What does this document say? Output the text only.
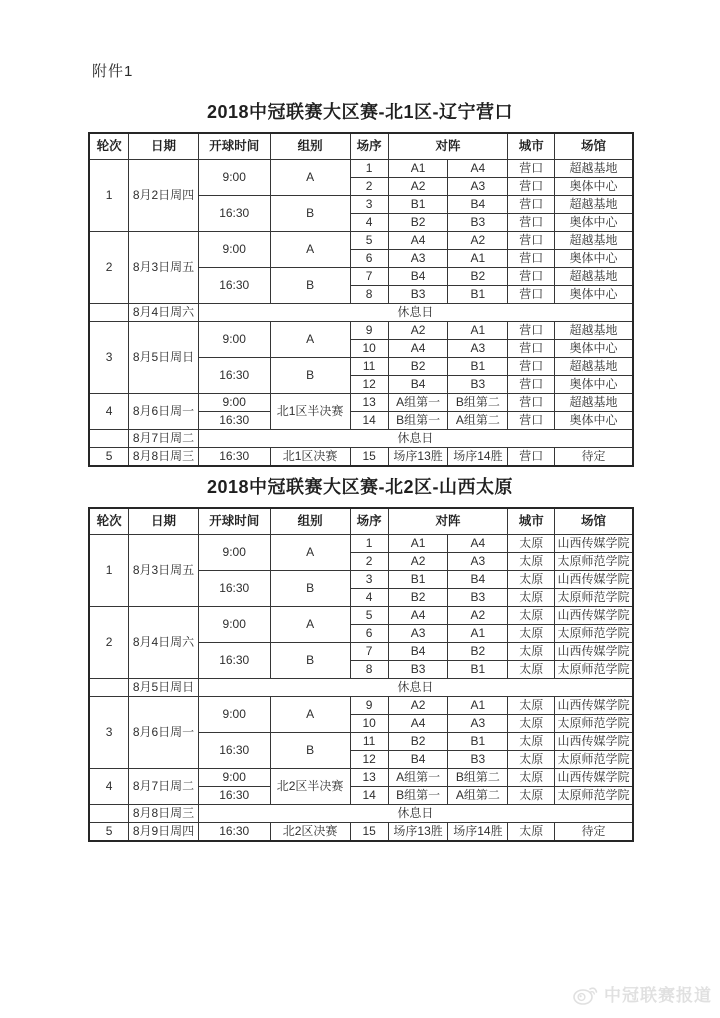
附件1
2018中冠联赛大区赛-北1区-辽宁营口
轮次	日期	开球时间	组别	场序	对阵		城市	场馆
1	8月2日周四	9:00	A	1	A1	A4	营口	超越基地
				2	A2	A3	营口	奥体中心
		16:30	B	3	B1	B4	营口	超越基地
				4	B2	B3	营口	奥体中心
2	8月3日周五	9:00	A	5	A4	A2	营口	超越基地
				6	A3	A1	营口	奥体中心
		16:30	B	7	B4	B2	营口	超越基地
				8	B3	B1	营口	奥体中心
	8月4日周六	休息日						
3	8月5日周日	9:00	A	9	A2	A1	营口	超越基地
				10	A4	A3	营口	奥体中心
		16:30	B	11	B2	B1	营口	超越基地
				12	B4	B3	营口	奥体中心
4	8月6日周一	9:00	北1区半决赛	13	A组第一	B组第二	营口	超越基地
		16:30		14	B组第一	A组第二	营口	奥体中心
	8月7日周二	休息日						
5	8月8日周三	16:30	北1区决赛	15	场序13胜	场序14胜	营口	待定
2018中冠联赛大区赛-北2区-山西太原
轮次	日期	开球时间	组别	场序	对阵		城市	场馆
1	8月3日周五	9:00	A	1	A1	A4	太原	山西传媒学院
				2	A2	A3	太原	太原师范学院
		16:30	B	3	B1	B4	太原	山西传媒学院
				4	B2	B3	太原	太原师范学院
2	8月4日周六	9:00	A	5	A4	A2	太原	山西传媒学院
				6	A3	A1	太原	太原师范学院
		16:30	B	7	B4	B2	太原	山西传媒学院
				8	B3	B1	太原	太原师范学院
	8月5日周日	休息日						
3	8月6日周一	9:00	A	9	A2	A1	太原	山西传媒学院
				10	A4	A3	太原	太原师范学院
		16:30	B	11	B2	B1	太原	山西传媒学院
				12	B4	B3	太原	太原师范学院
4	8月7日周二	9:00	北2区半决赛	13	A组第一	B组第二	太原	山西传媒学院
		16:30		14	B组第一	A组第二	太原	太原师范学院
	8月8日周三	休息日						
5	8月9日周四	16:30	北2区决赛	15	场序13胜	场序14胜	太原	待定
中冠联赛报道
